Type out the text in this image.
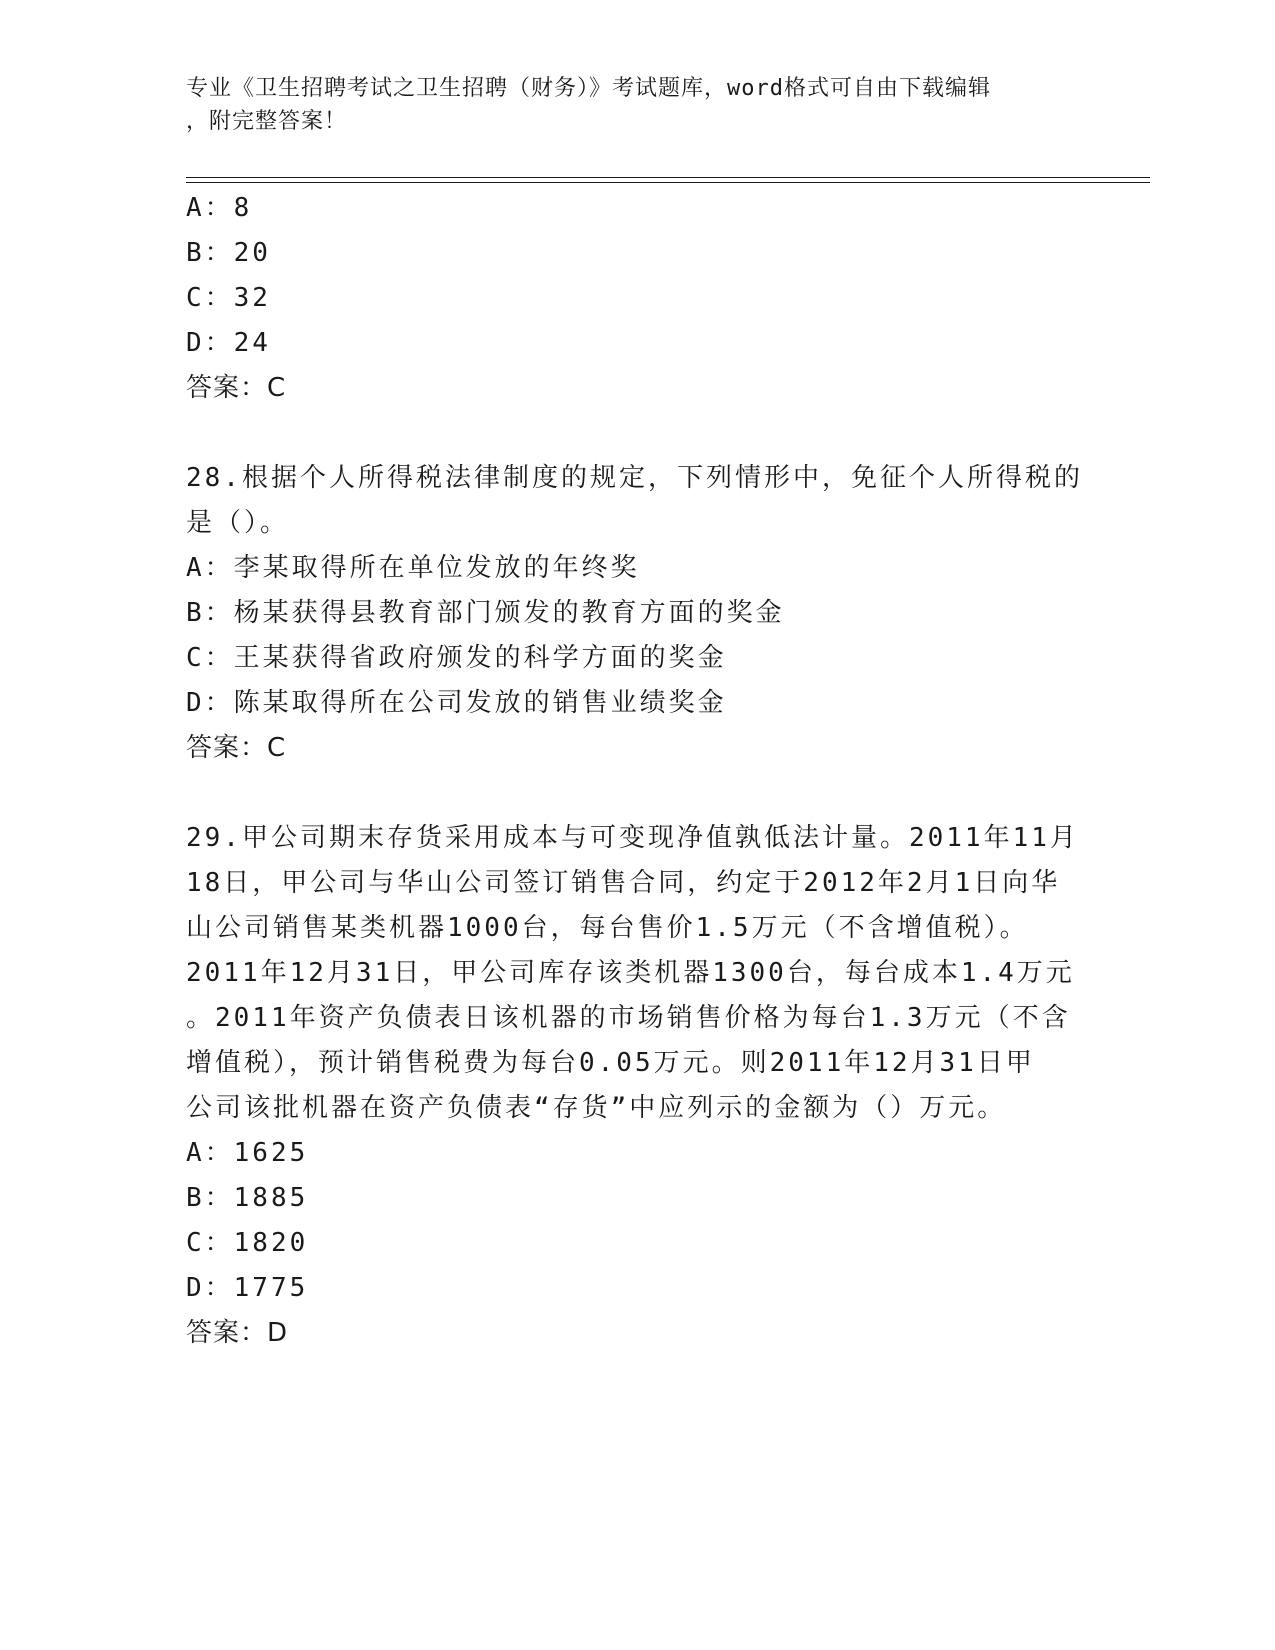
专业《卫生招聘考试之卫生招聘（财务）》考试题库，word格式可自由下载编辑
，附完整答案！
A：8
B：20
C：32
D：24
答案：C
28.根据个人所得税法律制度的规定，下列情形中，免征个人所得税的
是（）。
A：李某取得所在单位发放的年终奖
B：杨某获得县教育部门颁发的教育方面的奖金
C：王某获得省政府颁发的科学方面的奖金
D：陈某取得所在公司发放的销售业绩奖金
答案：C
29.甲公司期末存货采用成本与可变现净值孰低法计量。2011年11月
18日，甲公司与华山公司签订销售合同，约定于2012年2月1日向华
山公司销售某类机器1000台，每台售价1.5万元（不含增值税）。
2011年12月31日，甲公司库存该类机器1300台，每台成本1.4万元
。2011年资产负债表日该机器的市场销售价格为每台1.3万元（不含
增值税），预计销售税费为每台0.05万元。则2011年12月31日甲
公司该批机器在资产负债表“存货”中应列示的金额为（）万元。
A：1625
B：1885
C：1820
D：1775
答案：D
